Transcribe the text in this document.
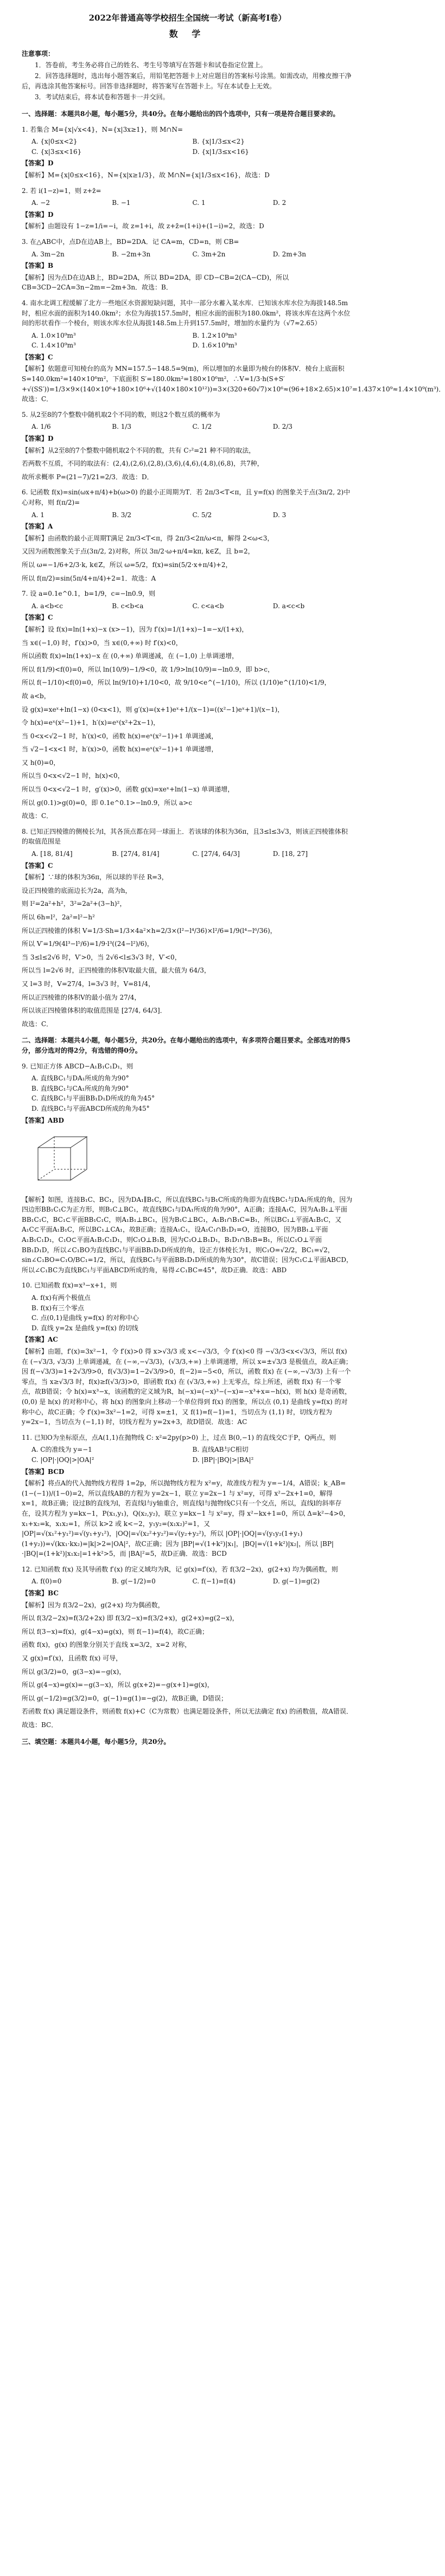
2022年普通高等学校招生全国统一考试（新高考Ⅰ卷）
数 学
注意事项：
1．答卷前，考生务必将自己的姓名、考生号等填写在答题卡和试卷指定位置上。
2．回答选择题时，选出每小题答案后，用铅笔把答题卡上对应题目的答案标号涂黑。如需改动，用橡皮擦干净后，再选涂其他答案标号。回答非选择题时，将答案写在答题卡上。写在本试卷上无效。
3．考试结束后，将本试卷和答题卡一并交回。
一、选择题：本题共8小题，每小题5分，共40分。在每小题给出的四个选项中，只有一项是符合题目要求的。
1. 若集合 M={x|√x<4}，N={x|3x≥1}，则 M∩N=
A. {x|0≤x<2}	B. {x|1/3≤x<2}
C. {x|3≤x<16}	D. {x|1/3≤x<16}
【答案】D
【解析】M={x|0≤x<16}，N={x|x≥1/3}，故 M∩N={x|1/3≤x<16}，故选：D
2. 若 i(1−z)=1，则 z+z̄=
A. −2	B. −1	C. 1	D. 2
【答案】D
【解析】由题设有 1−z=1/i=−i，故 z=1+i，故 z+z̄=(1+i)+(1−i)=2，故选：D
3. 在△ABC中，点D在边AB上，BD=2DA．记 CA=m，CD=n，则 CB=
A. 3m−2n	B. −2m+3n	C. 3m+2n	D. 2m+3n
【答案】B
【解析】因为点D在边AB上，BD=2DA，所以 BD=2DA，即 CD−CB=2(CA−CD)，所以 CB=3CD−2CA=3n−2m=−2m+3n．故选：B．
4. 南水北调工程缓解了北方一些地区水资源短缺问题，其中一部分水蓄入某水库．已知该水库水位为海拔148.5m时，相应水面的面积为140.0km²；水位为海拔157.5m时，相应水面的面积为180.0km²，将该水库在这两个水位间的形状看作一个棱台，则该水库水位从海拔148.5m上升到157.5m时，增加的水量约为（√7≈2.65）
A. 1.0×10⁹m³	B. 1.2×10⁹m³
C. 1.4×10⁹m³	D. 1.6×10⁹m³
【答案】C
【解析】依题意可知棱台的高为 MN=157.5−148.5=9(m)，所以增加的水量即为棱台的体积V．棱台上底面积 S=140.0km²=140×10⁶m²，下底面积 S′=180.0km²=180×10⁶m²，∴V=1/3·h(S+S′+√(SS′))=1/3×9×(140×10⁶+180×10⁶+√(140×180×10¹²))=3×(320+60√7)×10⁶≈(96+18×2.65)×10⁷=1.437×10⁹≈1.4×10⁹(m³)．故选：C．
5. 从2至8的7个整数中随机取2个不同的数，则这2个数互质的概率为
A. 1/6	B. 1/3	C. 1/2	D. 2/3
【答案】D
【解析】从2至8的7个整数中随机取2个不同的数，共有 C₇²=21 种不同的取法，
若两数不互质，不同的取法有：(2,4),(2,6),(2,8),(3,6),(4,6),(4,8),(6,8)，共7种，
故所求概率 P=(21−7)/21=2/3．故选：D．
6. 记函数 f(x)=sin(ωx+π/4)+b(ω>0) 的最小正周期为T．若 2π/3<T<π，且 y=f(x) 的图象关于点(3π/2, 2)中心对称，则 f(π/2)=
A. 1	B. 3/2	C. 5/2	D. 3
【答案】A
【解析】由函数的最小正周期T满足 2π/3<T<π，得 2π/3<2π/ω<π，解得 2<ω<3，
又因为函数图象关于点(3π/2, 2)对称，所以 3π/2·ω+π/4=kπ, k∈Z，且 b=2，
所以 ω=−1/6+2/3·k, k∈Z，所以 ω=5/2，f(x)=sin(5/2·x+π/4)+2，
所以 f(π/2)=sin(5π/4+π/4)+2=1．故选：A
7. 设 a=0.1e^0.1，b=1/9，c=−ln0.9，则
A. a<b<c	B. c<b<a	C. c<a<b	D. a<c<b
【答案】C
【解析】设 f(x)=ln(1+x)−x (x>−1)，因为 f′(x)=1/(1+x)−1=−x/(1+x)，
当 x∈(−1,0) 时，f′(x)>0，当 x∈(0,+∞) 时 f′(x)<0，
所以函数 f(x)=ln(1+x)−x 在 (0,+∞) 单调递减，在 (−1,0) 上单调递增，
所以 f(1/9)<f(0)=0，所以 ln(10/9)−1/9<0，故 1/9>ln(10/9)=−ln0.9，即 b>c，
所以 f(−1/10)<f(0)=0，所以 ln(9/10)+1/10<0，故 9/10<e^(−1/10)，所以 (1/10)e^(1/10)<1/9，
故 a<b，
设 g(x)=xeˣ+ln(1−x) (0<x<1)，则 g′(x)=(x+1)eˣ+1/(x−1)=((x²−1)eˣ+1)/(x−1)，
令 h(x)=eˣ(x²−1)+1，h′(x)=eˣ(x²+2x−1)，
当 0<x<√2−1 时，h′(x)<0，函数 h(x)=eˣ(x²−1)+1 单调递减，
当 √2−1<x<1 时，h′(x)>0，函数 h(x)=eˣ(x²−1)+1 单调递增，
又 h(0)=0，
所以当 0<x<√2−1 时，h(x)<0，
所以当 0<x<√2−1 时，g′(x)>0，函数 g(x)=xeˣ+ln(1−x) 单调递增，
所以 g(0.1)>g(0)=0，即 0.1e^0.1>−ln0.9，所以 a>c
故选：C．
8. 已知正四棱锥的侧棱长为l，其各顶点都在同一球面上．若该球的体积为36π，且3≤l≤3√3，则该正四棱锥体积的取值范围是
A. [18, 81/4]	B. [27/4, 81/4]	C. [27/4, 64/3]	D. [18, 27]
【答案】C
【解析】∵球的体积为36π，所以球的半径 R=3，
设正四棱锥的底面边长为2a，高为h，
则 l²=2a²+h²，3²=2a²+(3−h)²，
所以 6h=l²，2a²=l²−h²
所以正四棱锥的体积 V=1/3·Sh=1/3×4a²×h=2/3×(l²−l⁴/36)×l²/6=1/9(l⁴−l⁶/36)，
所以 V′=1/9(4l³−l⁵/6)=1/9·l³((24−l²)/6)，
当 3≤l≤2√6 时，V′>0，当 2√6<l≤3√3 时，V′<0，
所以当 l=2√6 时，正四棱锥的体积V取最大值，最大值为 64/3，
又 l=3 时，V=27/4，l=3√3 时，V=81/4，
所以正四棱锥的体积V的最小值为 27/4，
所以该正四棱锥体积的取值范围是 [27/4, 64/3]．
故选：C．
二、选择题：本题共4小题，每小题5分，共20分。在每小题给出的选项中，有多项符合题目要求。全部选对的得5分，部分选对的得2分，有选错的得0分。
9. 已知正方体 ABCD−A₁B₁C₁D₁，则
A. 直线BC₁与DA₁所成的角为90°
B. 直线BC₁与CA₁所成的角为90°
C. 直线BC₁与平面BB₁D₁D所成的角为45°
D. 直线BC₁与平面ABCD所成的角为45°
【答案】ABD
【解析】如图，连接B₁C、BC₁，因为DA₁∥B₁C，所以直线BC₁与B₁C所成的角即为直线BC₁与DA₁所成的角，因为四边形BB₁C₁C为正方形，则B₁C⊥BC₁，故直线BC₁与DA₁所成的角为90°，A正确；连接A₁C，因为A₁B₁⊥平面BB₁C₁C，BC₁⊂平面BB₁C₁C，则A₁B₁⊥BC₁，因为B₁C⊥BC₁，A₁B₁∩B₁C=B₁，所以BC₁⊥平面A₁B₁C，又A₁C⊂平面A₁B₁C，所以BC₁⊥CA₁，故B正确；连接A₁C₁，设A₁C₁∩B₁D₁=O，连接BO，因为BB₁⊥平面A₁B₁C₁D₁，C₁O⊂平面A₁B₁C₁D₁，则C₁O⊥B₁B，因为C₁O⊥B₁D₁，B₁D₁∩B₁B=B₁，所以C₁O⊥平面BB₁D₁D，所以∠C₁BO为直线BC₁与平面BB₁D₁D所成的角，设正方体棱长为1，则C₁O=√2/2，BC₁=√2，sin∠C₁BO=C₁O/BC₁=1/2，所以，直线BC₁与平面BB₁D₁D所成的角为30°，故C错误；因为C₁C⊥平面ABCD，所以∠C₁BC为直线BC₁与平面ABCD所成的角，易得∠C₁BC=45°，故D正确．故选：ABD
10. 已知函数 f(x)=x³−x+1，则
A. f(x)有两个极值点
B. f(x)有三个零点
C. 点(0,1)是曲线 y=f(x) 的对称中心
D. 直线 y=2x 是曲线 y=f(x) 的切线
【答案】AC
【解析】由题，f′(x)=3x²−1，令 f′(x)>0 得 x>√3/3 或 x<−√3/3，令 f′(x)<0 得 −√3/3<x<√3/3，所以 f(x) 在 (−√3/3, √3/3) 上单调递减，在 (−∞,−√3/3)，(√3/3,+∞) 上单调递增，所以 x=±√3/3 是极值点，故A正确；因 f(−√3/3)=1+2√3/9>0，f(√3/3)=1−2√3/9>0，f(−2)=−5<0，所以，函数 f(x) 在 (−∞,−√3/3) 上有一个零点，当 x≥√3/3 时，f(x)≥f(√3/3)>0，即函数 f(x) 在 (√3/3,+∞) 上无零点，综上所述，函数 f(x) 有一个零点，故B错误；令 h(x)=x³−x，该函数的定义域为R，h(−x)=(−x)³−(−x)=−x³+x=−h(x)，则 h(x) 是奇函数，(0,0) 是 h(x) 的对称中心，将 h(x) 的图象向上移动一个单位得到 f(x) 的图象，所以点 (0,1) 是曲线 y=f(x) 的对称中心，故C正确；令 f′(x)=3x²−1=2，可得 x=±1，又 f(1)=f(−1)=1，当切点为 (1,1) 时，切线方程为 y=2x−1，当切点为 (−1,1) 时，切线方程为 y=2x+3，故D错误．故选：AC
11. 已知O为坐标原点，点A(1,1)在抛物线 C: x²=2py(p>0) 上，过点 B(0,−1) 的直线交C于P，Q两点，则
A. C的准线为 y=−1	B. 直线AB与C相切
C. |OP|·|OQ|>|OA|²	D. |BP|·|BQ|>|BA|²
【答案】BCD
【解析】将点A的代入抛物线方程得 1=2p，所以抛物线方程为 x²=y，故准线方程为 y=−1/4，A错误；k_AB=(1−(−1))/(1−0)=2，所以直线AB的方程为 y=2x−1，联立 y=2x−1 与 x²=y，可得 x²−2x+1=0，解得 x=1，故B正确；设过B的直线为l，若直线l与y轴重合，则直线l与抛物线C只有一个交点，所以，直线l的斜率存在，设其方程为 y=kx−1，P(x₁,y₁)，Q(x₂,y₂)，联立 y=kx−1 与 x²=y，得 x²−kx+1=0，所以 Δ=k²−4>0，x₁+x₂=k，x₁x₂=1，所以 k>2 或 k<−2，y₁y₂=(x₁x₂)²=1，又 |OP|=√(x₁²+y₁²)=√(y₁+y₁²)，|OQ|=√(x₂²+y₂²)=√(y₂+y₂²)，所以 |OP|·|OQ|=√(y₁y₂(1+y₁)(1+y₂))=√(kx₁·kx₂)=|k|>2=|OA|²，故C正确；因为 |BP|=√(1+k²)|x₁|，|BQ|=√(1+k²)|x₂|，所以 |BP|·|BQ|=(1+k²)|x₁x₂|=1+k²>5，而 |BA|²=5，故D正确．故选：BCD
12. 已知函数 f(x) 及其导函数 f′(x) 的定义域均为R，记 g(x)=f′(x)，若 f(3/2−2x)，g(2+x) 均为偶函数，则
A. f(0)=0	B. g(−1/2)=0	C. f(−1)=f(4)	D. g(−1)=g(2)
【答案】BC
【解析】因为 f(3/2−2x)，g(2+x) 均为偶函数，
所以 f(3/2−2x)=f(3/2+2x) 即 f(3/2−x)=f(3/2+x)，g(2+x)=g(2−x)，
所以 f(3−x)=f(x)，g(4−x)=g(x)，则 f(−1)=f(4)，故C正确；
函数 f(x)，g(x) 的图象分别关于直线 x=3/2，x=2 对称，
又 g(x)=f′(x)，且函数 f(x) 可导，
所以 g(3/2)=0，g(3−x)=−g(x)，
所以 g(4−x)=g(x)=−g(3−x)，所以 g(x+2)=−g(x+1)=g(x)，
所以 g(−1/2)=g(3/2)=0，g(−1)=g(1)=−g(2)，故B正确，D错误；
若函数 f(x) 满足题设条件，则函数 f(x)+C（C为常数）也满足题设条件，所以无法确定 f(x) 的函数值，故A错误．
故选：BC．
三、填空题：本题共4小题，每小题5分，共20分。
